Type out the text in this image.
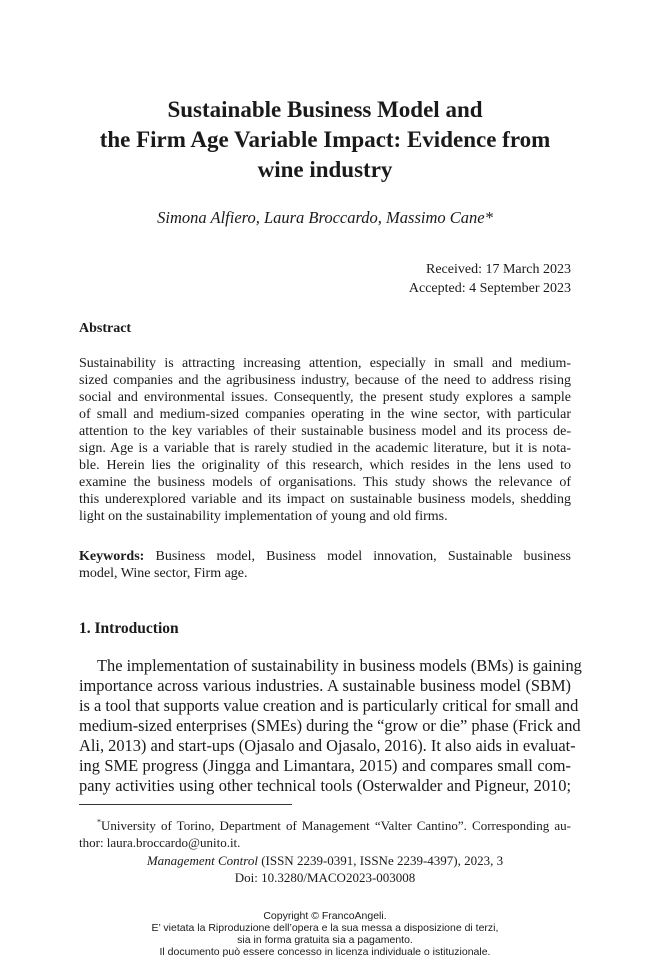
Sustainable Business Model and
the Firm Age Variable Impact: Evidence from
wine industry
Simona Alfiero, Laura Broccardo, Massimo Cane*
Received: 17 March 2023
Accepted: 4 September 2023
Abstract
Sustainability is attracting increasing attention, especially in small and medium-
sized companies and the agribusiness industry, because of the need to address rising
social and environmental issues. Consequently, the present study explores a sample
of small and medium-sized companies operating in the wine sector, with particular
attention to the key variables of their sustainable business model and its process de-
sign. Age is a variable that is rarely studied in the academic literature, but it is nota-
ble. Herein lies the originality of this research, which resides in the lens used to
examine the business models of organisations. This study shows the relevance of
this underexplored variable and its impact on sustainable business models, shedding
light on the sustainability implementation of young and old firms.
Keywords: Business model, Business model innovation, Sustainable business
model, Wine sector, Firm age.
1. Introduction
The implementation of sustainability in business models (BMs) is gaining
importance across various industries. A sustainable business model (SBM)
is a tool that supports value creation and is particularly critical for small and
medium-sized enterprises (SMEs) during the “grow or die” phase (Frick and
Ali, 2013) and start-ups (Ojasalo and Ojasalo, 2016). It also aids in evaluat-
ing SME progress (Jingga and Limantara, 2015) and compares small com-
pany activities using other technical tools (Osterwalder and Pigneur, 2010;
*University of Torino, Department of Management “Valter Cantino”. Corresponding au-
thor: laura.broccardo@unito.it.
Management Control (ISSN 2239-0391, ISSNe 2239-4397), 2023, 3
Doi: 10.3280/MACO2023-003008
Copyright © FrancoAngeli.
E’ vietata la Riproduzione dell’opera e la sua messa a disposizione di terzi,
sia in forma gratuita sia a pagamento.
Il documento può essere concesso in licenza individuale o istituzionale.
